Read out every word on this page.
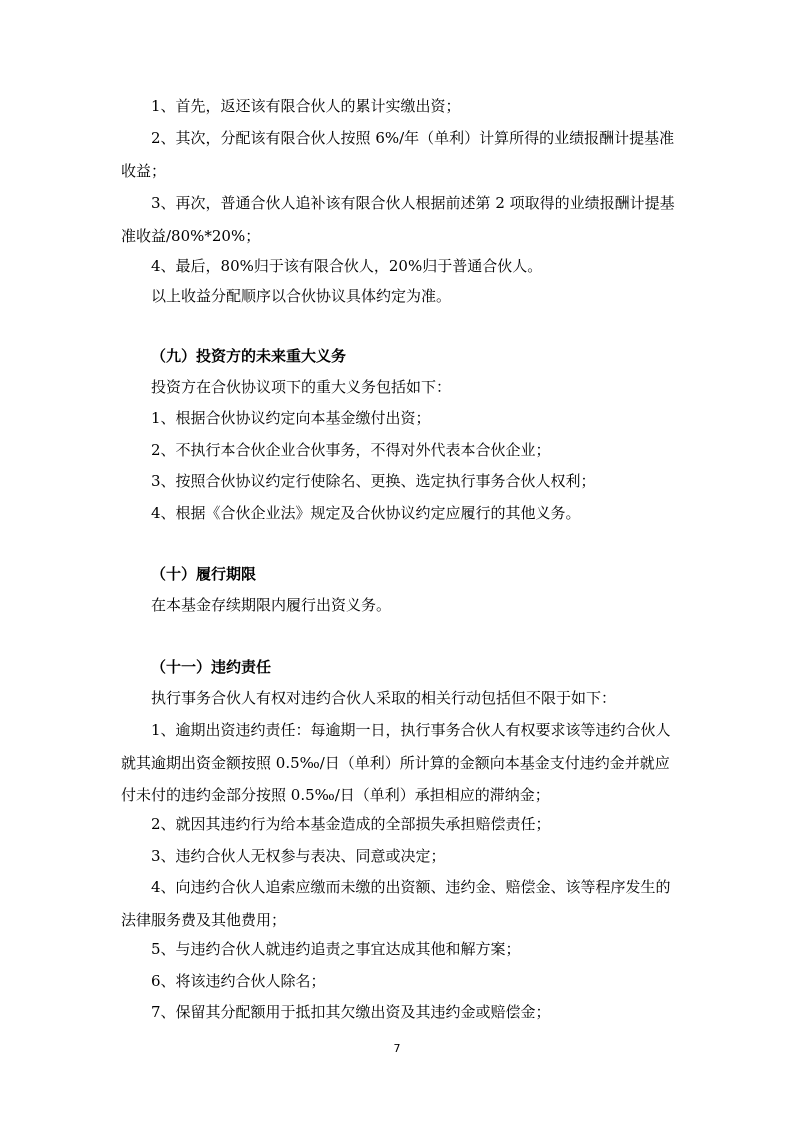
1、首先，返还该有限合伙人的累计实缴出资；

2、其次，分配该有限合伙人按照 6%/年（单利）计算所得的业绩报酬计提基准收益；

3、再次，普通合伙人追补该有限合伙人根据前述第 2 项取得的业绩报酬计提基准收益/80%*20%；

4、最后，80%归于该有限合伙人，20%归于普通合伙人。

以上收益分配顺序以合伙协议具体约定为准。

（九）投资方的未来重大义务

投资方在合伙协议项下的重大义务包括如下：

1、根据合伙协议约定向本基金缴付出资；

2、不执行本合伙企业合伙事务，不得对外代表本合伙企业；

3、按照合伙协议约定行使除名、更换、选定执行事务合伙人权利；

4、根据《合伙企业法》规定及合伙协议约定应履行的其他义务。

（十）履行期限

在本基金存续期限内履行出资义务。

（十一）违约责任

执行事务合伙人有权对违约合伙人采取的相关行动包括但不限于如下：

1、逾期出资违约责任：每逾期一日，执行事务合伙人有权要求该等违约合伙人就其逾期出资金额按照 0.5‰/日（单利）所计算的金额向本基金支付违约金并就应付未付的违约金部分按照 0.5‰/日（单利）承担相应的滞纳金；

2、就因其违约行为给本基金造成的全部损失承担赔偿责任；

3、违约合伙人无权参与表决、同意或决定；

4、向违约合伙人追索应缴而未缴的出资额、违约金、赔偿金、该等程序发生的法律服务费及其他费用；

5、与违约合伙人就违约追责之事宜达成其他和解方案；

6、将该违约合伙人除名；

7、保留其分配额用于抵扣其欠缴出资及其违约金或赔偿金；

7
